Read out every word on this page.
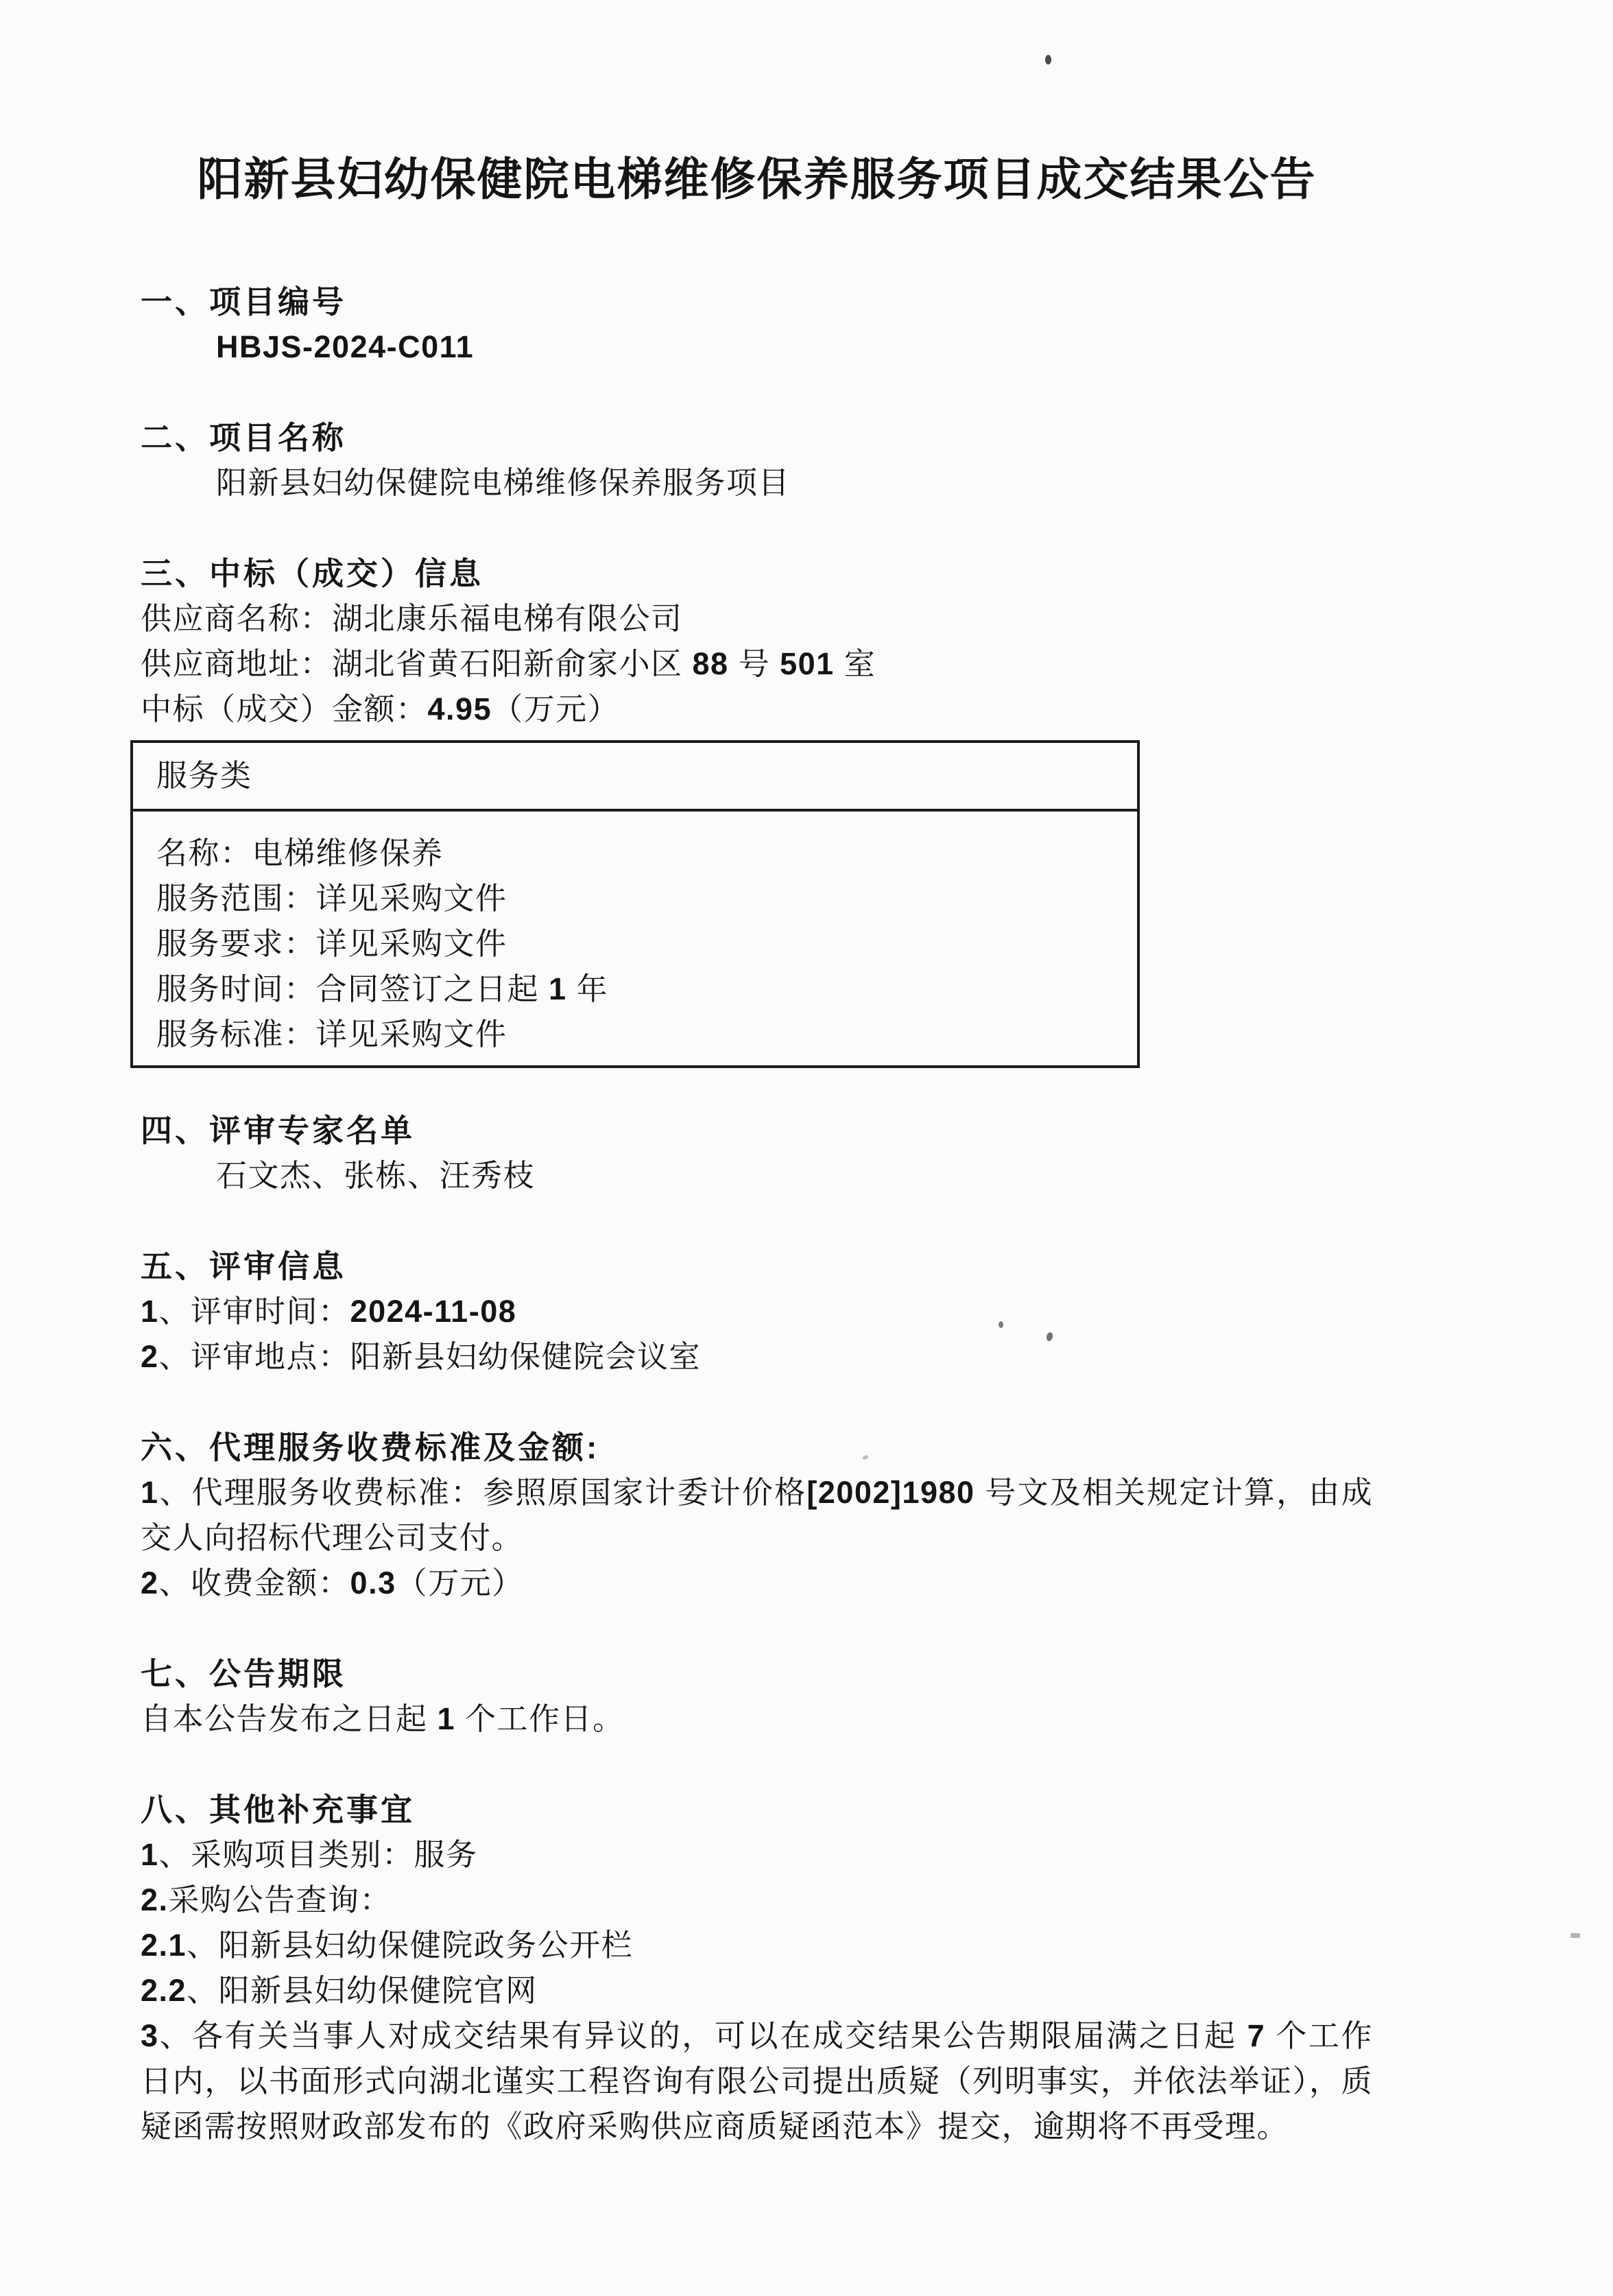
阳新县妇幼保健院电梯维修保养服务项目成交结果公告

一、项目编号

HBJS-2024-C011

二、项目名称

阳新县妇幼保健院电梯维修保养服务项目

三、中标（成交）信息

供应商名称：湖北康乐福电梯有限公司

供应商地址：湖北省黄石阳新俞家小区 88 号 501 室

中标（成交）金额：4.95（万元）

服务类

名称：电梯维修保养

服务范围：详见采购文件

服务要求：详见采购文件

服务时间：合同签订之日起 1 年

服务标准：详见采购文件

四、评审专家名单

石文杰、张栋、汪秀枝

五、评审信息

1、评审时间：2024-11-08

2、评审地点：阳新县妇幼保健院会议室

六、代理服务收费标准及金额:

1、代理服务收费标准：参照原国家计委计价格[2002]1980 号文及相关规定计算，由成交人向招标代理公司支付。

2、收费金额：0.3（万元）

七、公告期限

自本公告发布之日起 1 个工作日。

八、其他补充事宜

1、采购项目类别：服务

2.采购公告查询：

2.1、阳新县妇幼保健院政务公开栏

2.2、阳新县妇幼保健院官网

3、各有关当事人对成交结果有异议的，可以在成交结果公告期限届满之日起 7 个工作日内，以书面形式向湖北谨实工程咨询有限公司提出质疑（列明事实，并依法举证），质疑函需按照财政部发布的《政府采购供应商质疑函范本》提交，逾期将不再受理。
